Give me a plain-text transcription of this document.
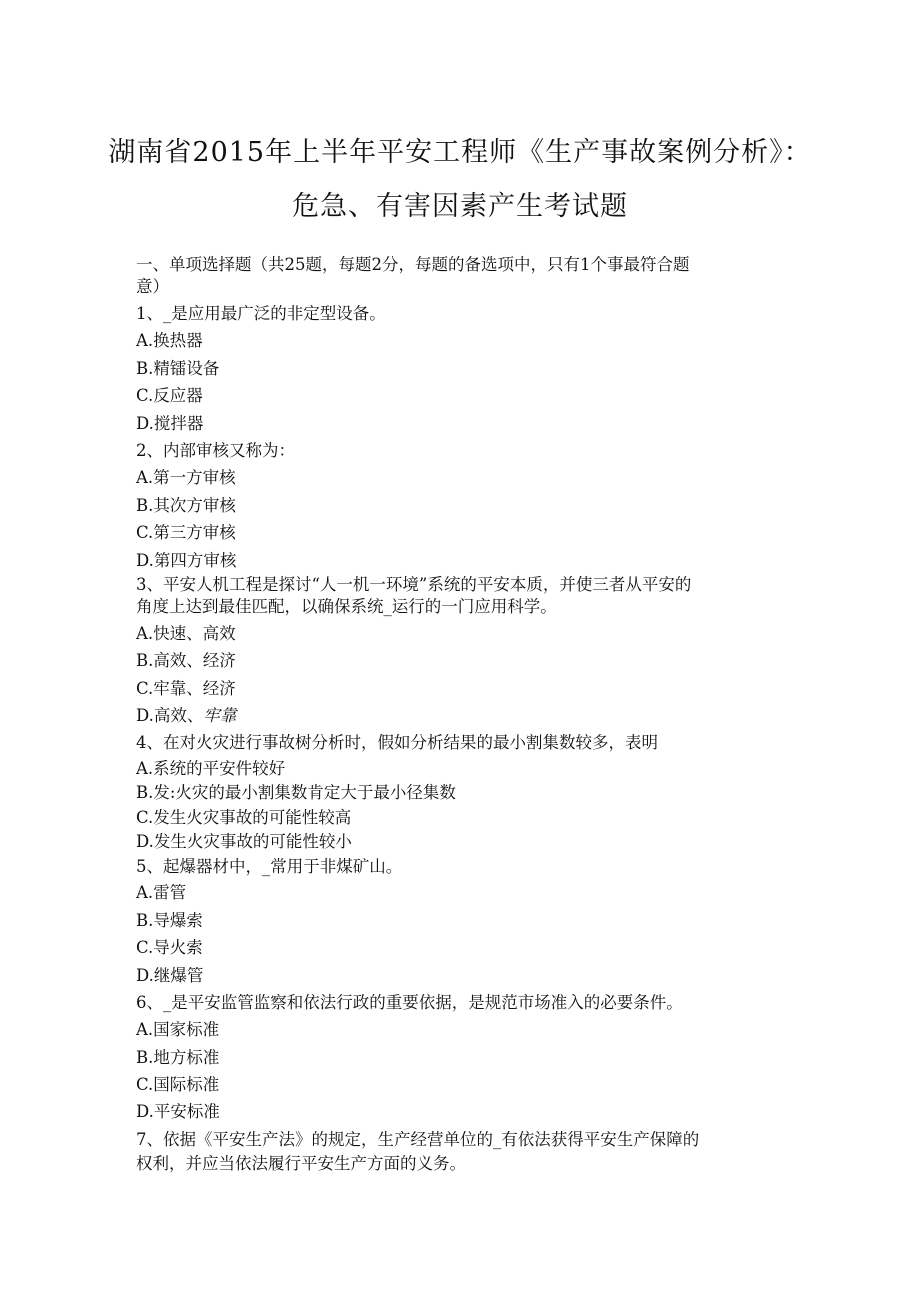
湖南省2015年上半年平安工程师《生产事故案例分析》：
危急、有害因素产生考试题
一、单项选择题（共25题，每题2分，每题的备选项中，只有1个事最符合题
意）
1、_是应用最广泛的非定型设备。
A.换热器
B.精镭设备
C.反应器
D.搅拌器
2、内部审核又称为：
A.第一方审核
B.其次方审核
C.第三方审核
D.第四方审核
3、平安人机工程是探讨“人一机一环境”系统的平安本质，并使三者从平安的
角度上达到最佳匹配，以确保系统_运行的一门应用科学。
A.快速、高效
B.高效、经济
C.牢靠、经济
D.高效、牢靠
4、在对火灾进行事故树分析时，假如分析结果的最小割集数较多，表明
A.系统的平安件较好
B.发:火灾的最小割集数肯定大于最小径集数
C.发生火灾事故的可能性较高
D.发生火灾事故的可能性较小
5、起爆器材中，_常用于非煤矿山。
A.雷管
B.导爆索
C.导火索
D.继爆管
6、_是平安监管监察和依法行政的重要依据，是规范市场准入的必要条件。
A.国家标准
B.地方标准
C.国际标准
D.平安标准
7、依据《平安生产法》的规定，生产经营单位的_有依法获得平安生产保障的
权利，并应当依法履行平安生产方面的义务。
